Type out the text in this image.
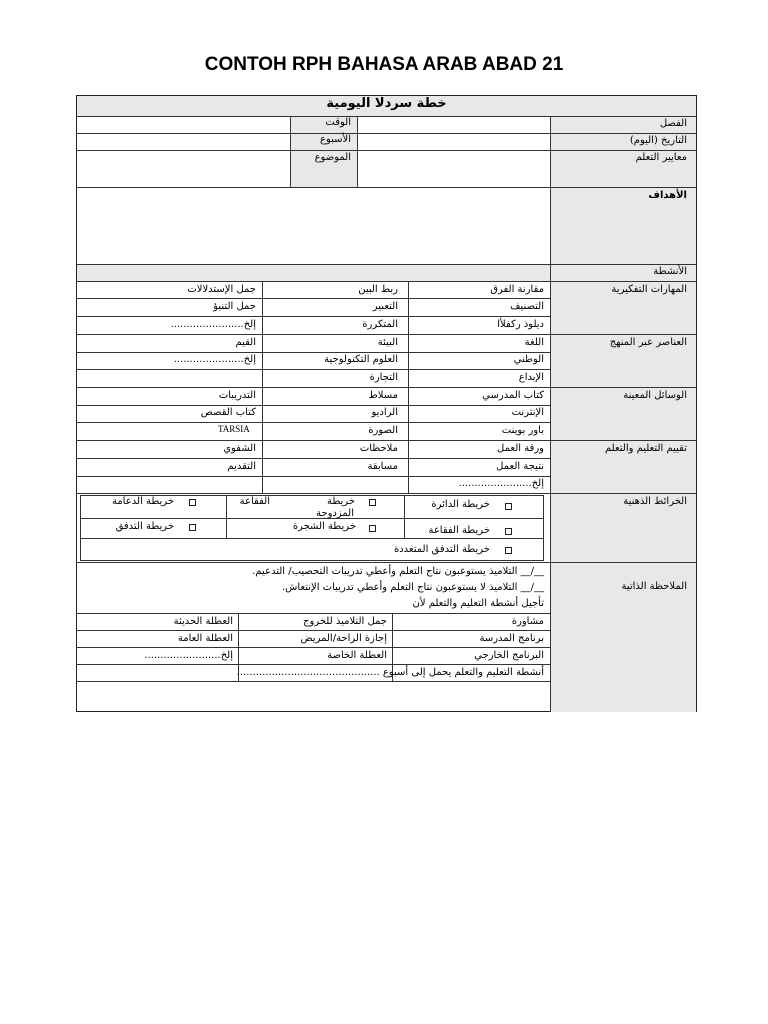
CONTOH RPH BAHASA ARAB ABAD 21
خطة سردلا اليومية
الفصل
الوقت
التاريخ (اليوم)
الأسبوع
معايير التعلم
الموضوع
الأهداف
الأنشطة
المهارات التفكيرية
مقارنة الفرق
ربط البين
جمل الإستدلالات
التصنيف
التعبير
جمل التنبؤ
ديلوذ ركفلأا
المتكررة
إلخ.......................
العناصر عبر المنهج
اللغة
البيئة
القيم
الوطني
العلوم التكنولوجية
إلخ......................
الإبداع
التجارة
الوسائل المعينة
كتاب المدرسي
مسلاط
التدريبات
الإنترنت
الراديو
كتاب القصص
باور بوينت
الصورة
TARSIA
تقييم التعليم والتعلم
ورقة العمل
ملاحظات
الشفوي
نتيجة العمل
مسابقة
التقديم
إلخ.......................
الخرائط الذهنية
خريطة الدائرة
خريطة
المزدوجة
الفقاعة
خريطة الدعامة
خريطة الفقاعة
خريطة الشجرة
خريطة التدفق
خريطة التدفق المتعددة
الملاحظة الذاتية
__/__ التلاميذ يستوعبون نتاج التعلم وأعطي تدريبات التحصيب/ التدعيم.
__/__ التلاميذ لا يستوعبون نتاج التعلم وأعطي تدريبات الإنتعاش.
تأجيل أنشطة التعليم والتعلم لأن
مشاورة
جمل التلاميذ للخروج
العطلة الحديثة
برنامج المدرسة
إجازة الراحة/المريض
العطلة العامة
البرنامج الخارجي
العطلة الخاصة
إلخ........................
أنشطة التعليم والتعلم يحمل إلى أسبوع .............................................
